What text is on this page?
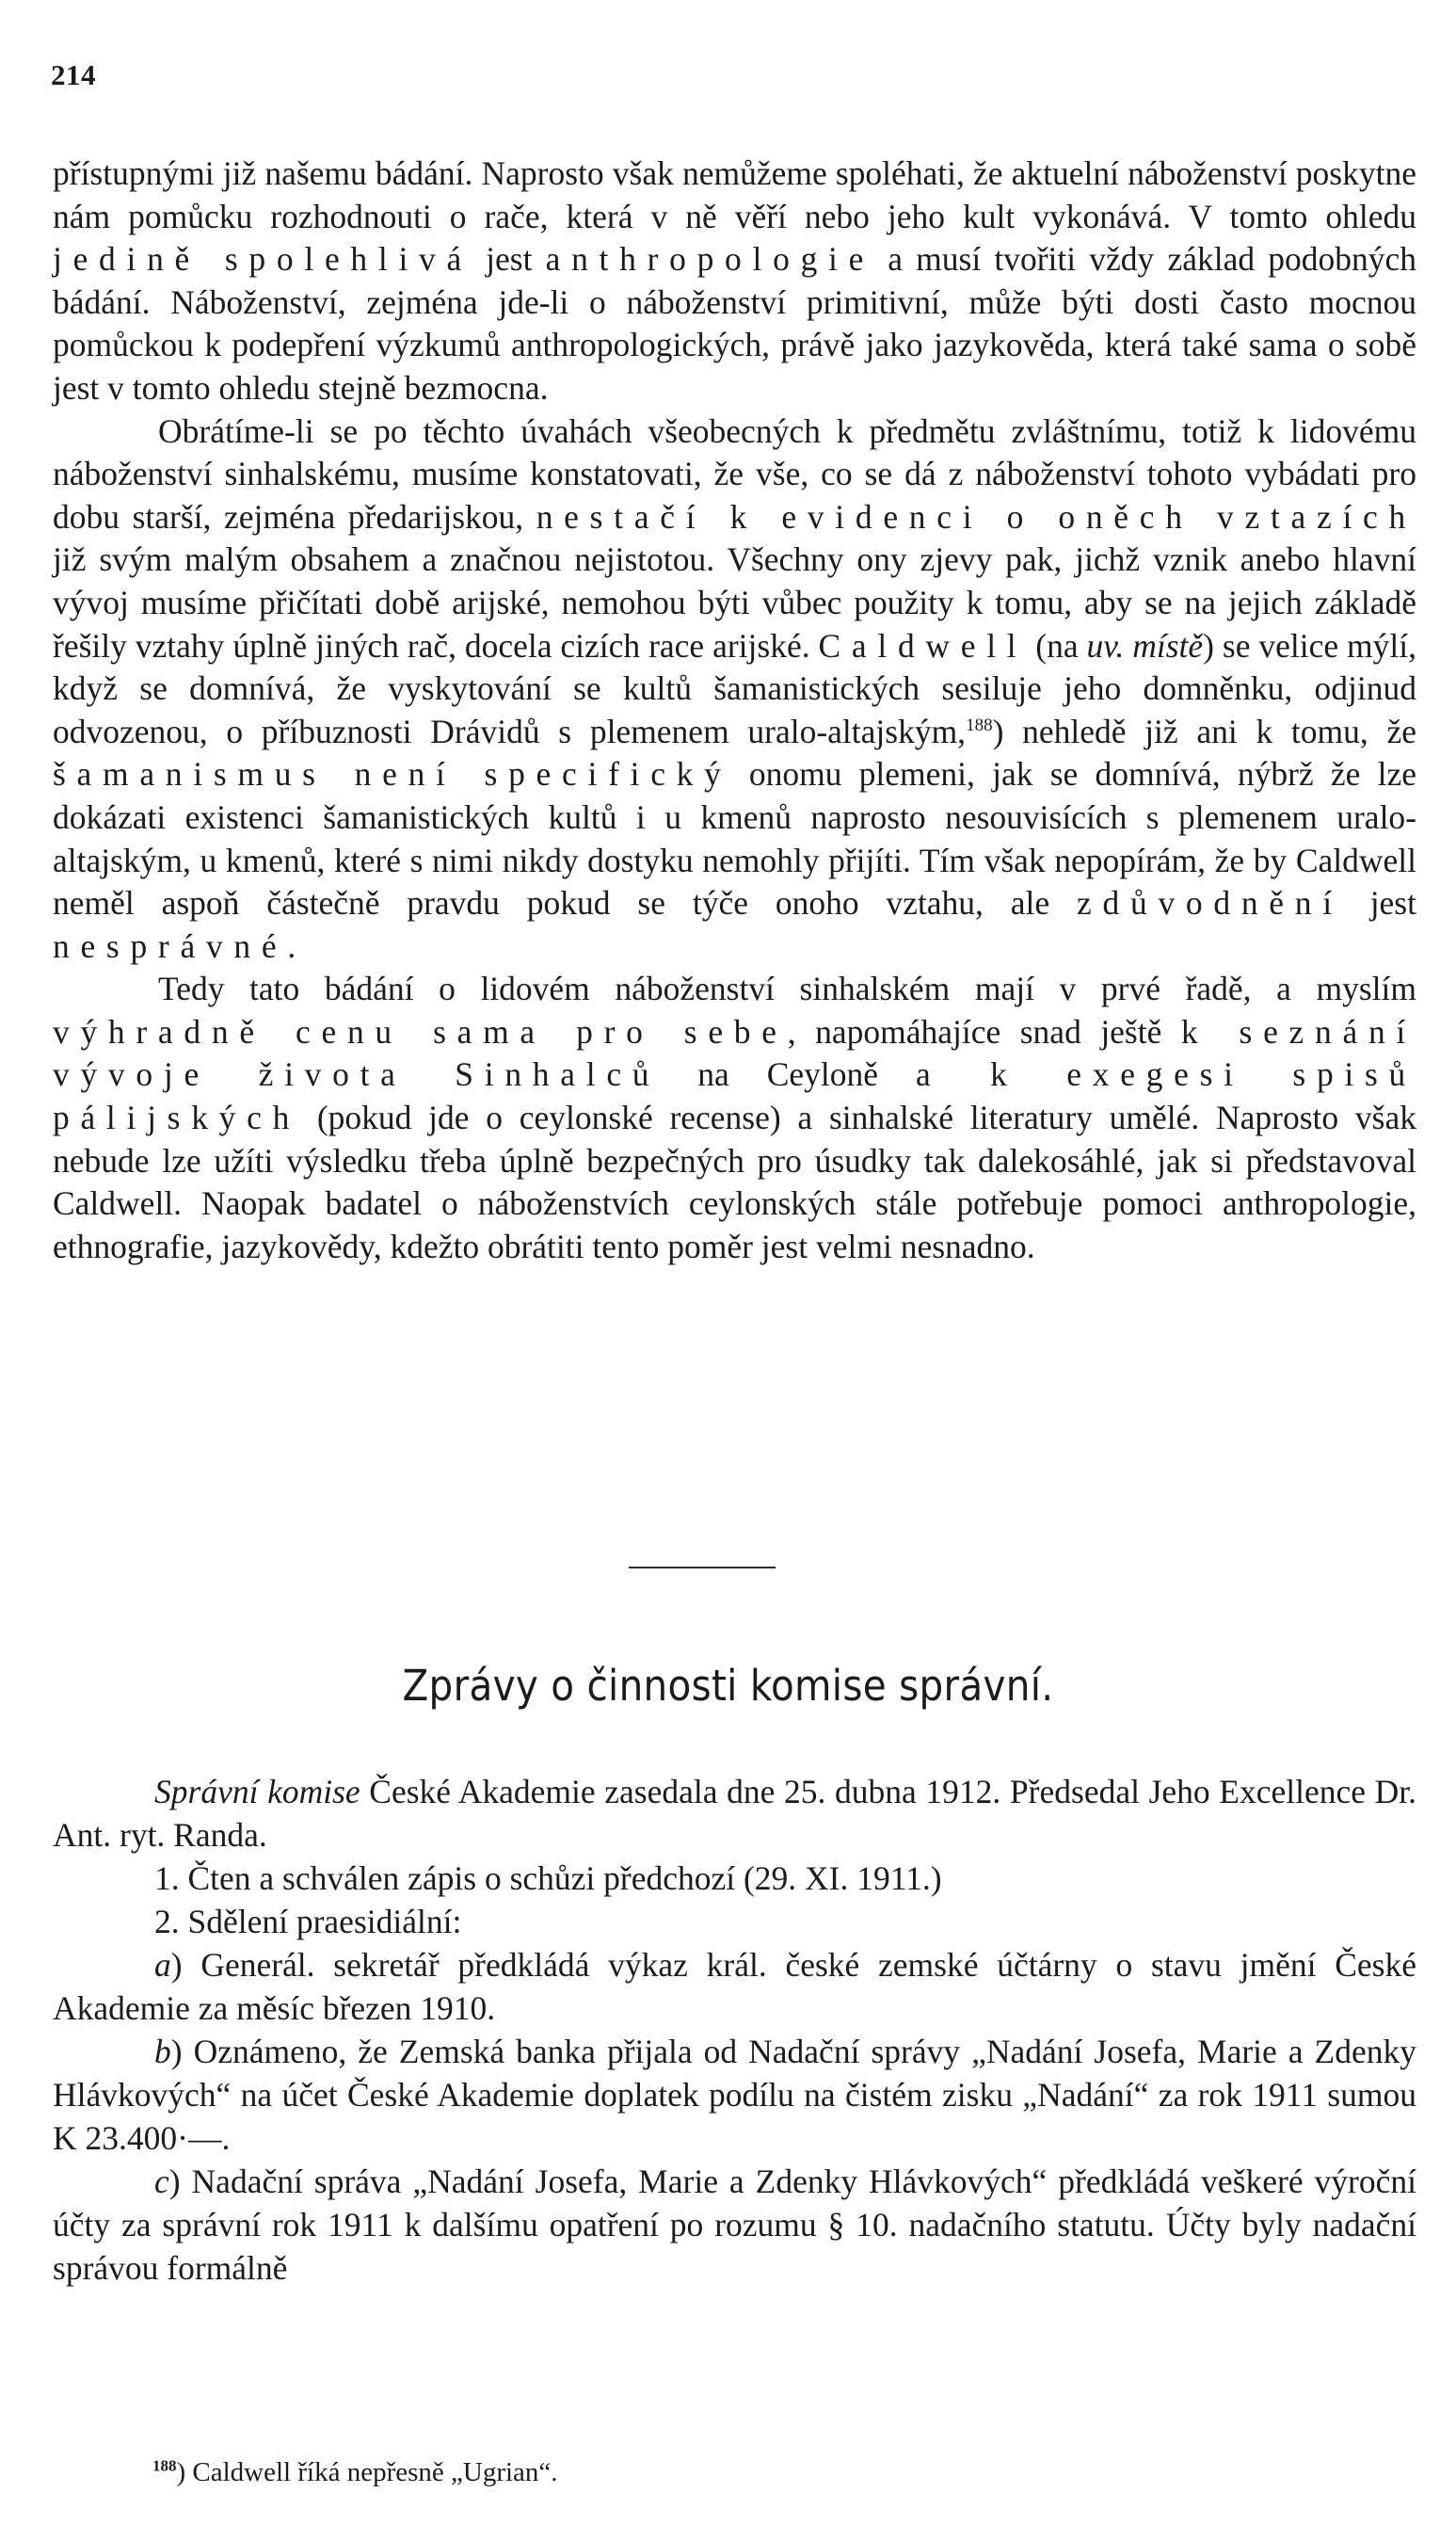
214

přístupnými již našemu bádání. Naprosto však nemůžeme spoléhati, že aktuelní náboženství poskytne nám pomůcku rozhodnouti o rače, která v ně věří nebo jeho kult vykonává. V tomto ohledu jedině spolehlivá jest anthropologie a musí tvořiti vždy základ podobných bádání. Náboženství, zejména jde-li o náboženství primitivní, může býti dosti často mocnou pomůckou k podepření výzkumů anthropologických, právě jako jazykověda, která také sama o sobě jest v tomto ohledu stejně bezmocna.

Obrátíme-li se po těchto úvahách všeobecných k předmětu zvláštnímu, totiž k lidovému náboženství sinhalskému, musíme konstatovati, že vše, co se dá z náboženství tohoto vybádati pro dobu starší, zejména předarijskou, nestačí k evidenci o oněch vztazích již svým malým obsahem a značnou nejistotou. Všechny ony zjevy pak, jichž vznik anebo hlavní vývoj musíme přičítati době arijské, nemohou býti vůbec použity k tomu, aby se na jejich základě řešily vztahy úplně jiných rač, docela cizích race arijské. Caldwell (na uv. místě) se velice mýlí, když se domnívá, že vyskytování se kultů šamanistických sesiluje jeho domněnku, odjinud odvozenou, o příbuznosti Drávidů s plemenem uralo-altajským,$^{188}$) nehledě již ani k tomu, že šamanismus není specifický onomu plemeni, jak se domnívá, nýbrž že lze dokázati existenci šamanistických kultů i u kmenů naprosto nesouvisících s plemenem uralo-altajským, u kmenů, které s nimi nikdy dostyku nemohly přijíti. Tím však nepopírám, že by Caldwell neměl aspoň částečně pravdu pokud se týče onoho vztahu, ale zdůvodnění jest nesprávné.

Tedy tato bádání o lidovém náboženství sinhalském mají v prvé řadě, a myslím výhradně cenu sama pro sebe, napomáhajíce snad ještě k seznání vývoje života Sinhalců na Ceyloně a k exegesi spisů pálijských (pokud jde o ceylonské recense) a sinhalské literatury umělé. Naprosto však nebude lze užíti výsledku třeba úplně bezpečných pro úsudky tak dalekosáhlé, jak si představoval Caldwell. Naopak badatel o náboženstvích ceylonských stále potřebuje pomoci anthropologie, ethnografie, jazykovědy, kdežto obrátiti tento poměr jest velmi nesnadno.

Zprávy o činnosti komise správní.

Správní komise České Akademie zasedala dne 25. dubna 1912. Předsedal Jeho Excellence Dr. Ant. ryt. Randa.

1. Čten a schválen zápis o schůzi předchozí (29. XI. 1911.)

2. Sdělení praesidiální:

a) Generál. sekretář předkládá výkaz král. české zemské účtárny o stavu jmění České Akademie za měsíc březen 1910.

b) Oznámeno, že Zemská banka přijala od Nadační správy „Nadání Josefa, Marie a Zdenky Hlávkových“ na účet České Akademie doplatek podílu na čistém zisku „Nadání“ za rok 1911 sumou K 23.400·—.

c) Nadační správa „Nadání Josefa, Marie a Zdenky Hlávkových“ předkládá veškeré výroční účty za správní rok 1911 k dalšímu opatření po rozumu § 10. nadačního statutu. Účty byly nadační správou formálně

$^{188}$) Caldwell říká nepřesně „Ugrian“.
